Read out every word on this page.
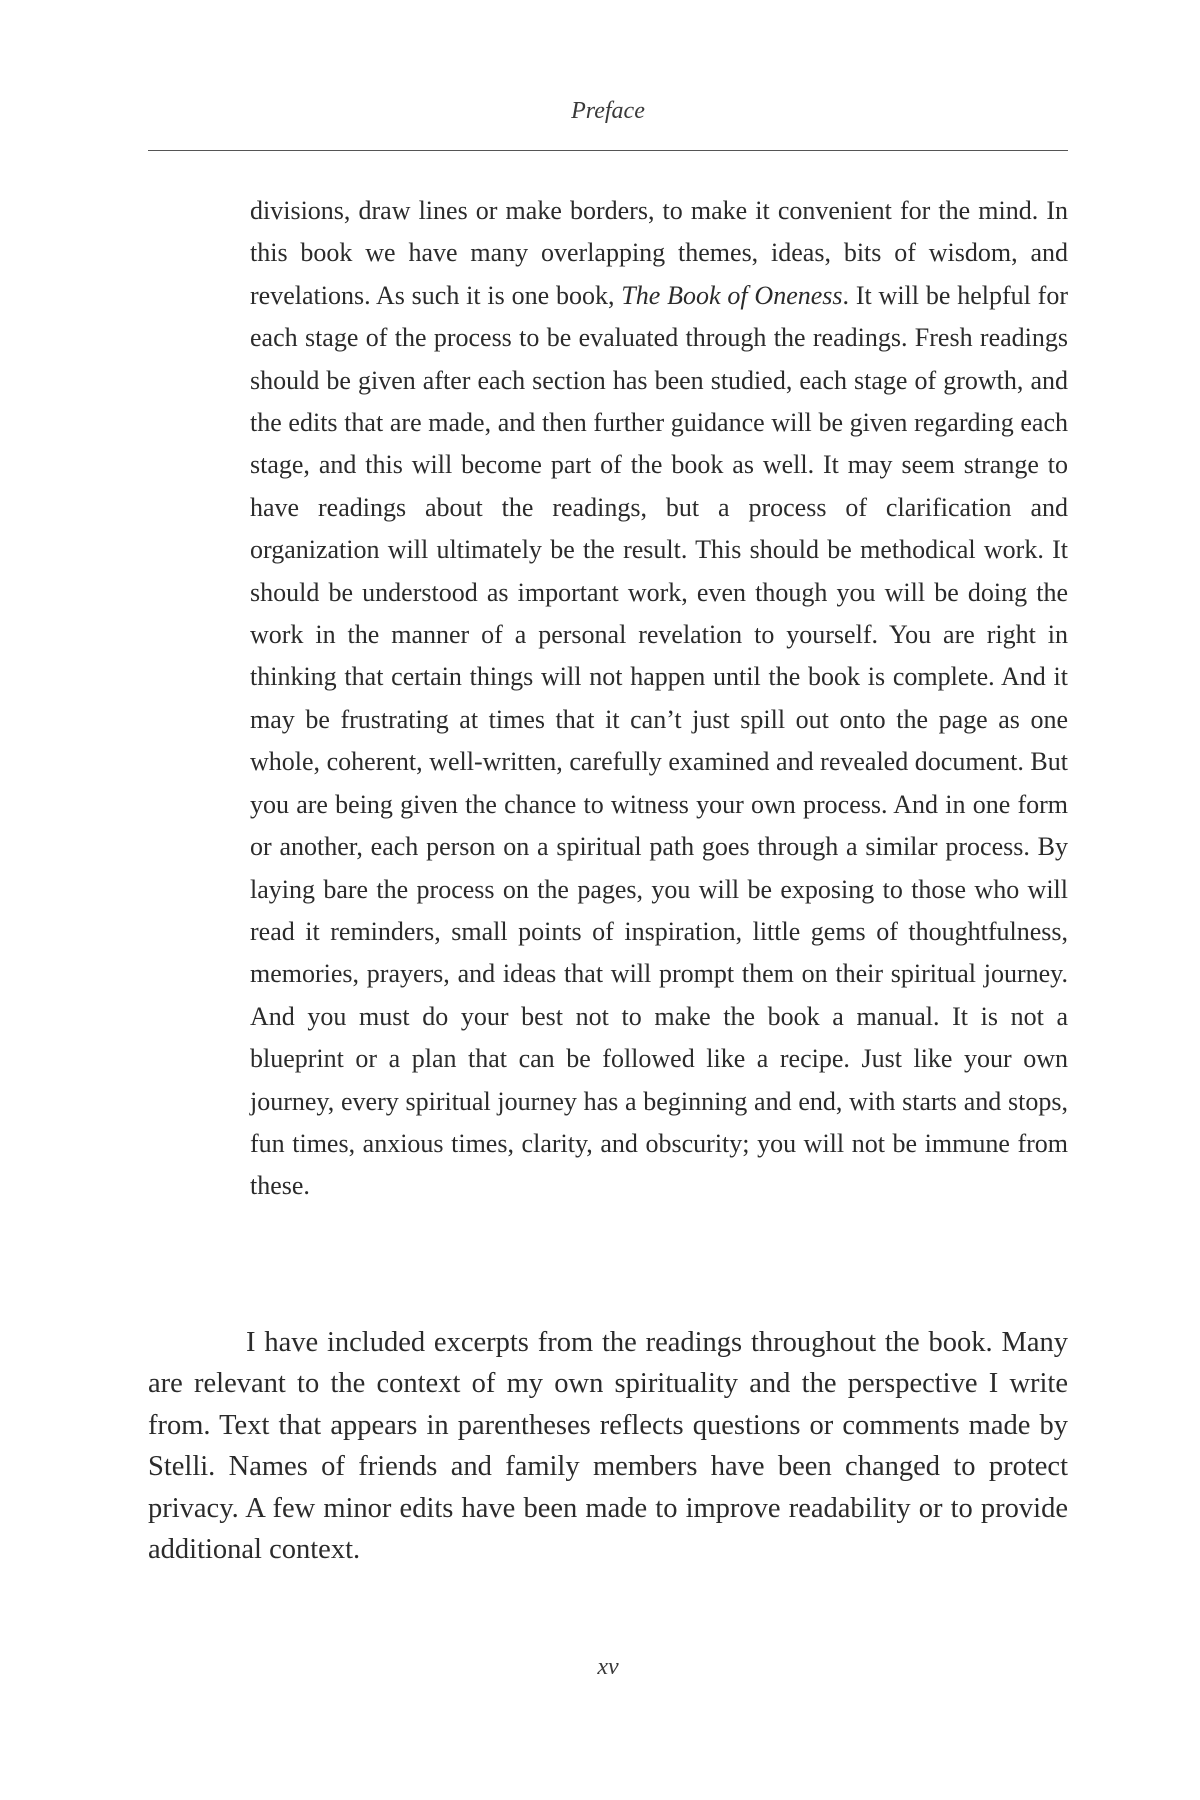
Preface

divisions, draw lines or make borders, to make it convenient for the mind. In this book we have many overlapping themes, ideas, bits of wisdom, and revelations. As such it is one book, The Book of Oneness. It will be helpful for each stage of the process to be evaluated through the readings. Fresh readings should be given after each section has been studied, each stage of growth, and the edits that are made, and then further guidance will be given regarding each stage, and this will become part of the book as well. It may seem strange to have readings about the readings, but a process of clarification and organization will ultimately be the result. This should be methodical work. It should be understood as important work, even though you will be doing the work in the manner of a personal revelation to yourself. You are right in thinking that certain things will not happen until the book is complete. And it may be frustrating at times that it can’t just spill out onto the page as one whole, coherent, well-written, carefully examined and revealed document. But you are being given the chance to witness your own process. And in one form or another, each person on a spiritual path goes through a similar process. By laying bare the process on the pages, you will be exposing to those who will read it reminders, small points of inspiration, little gems of thoughtfulness, memories, prayers, and ideas that will prompt them on their spiritual journey. And you must do your best not to make the book a manual. It is not a blueprint or a plan that can be followed like a recipe. Just like your own journey, every spiritual journey has a beginning and end, with starts and stops, fun times, anxious times, clarity, and obscurity; you will not be immune from these.

I have included excerpts from the readings throughout the book. Many are relevant to the context of my own spirituality and the perspective I write from. Text that appears in parentheses reflects questions or comments made by Stelli. Names of friends and family members have been changed to protect privacy. A few minor edits have been made to improve readability or to provide additional context.

xv
